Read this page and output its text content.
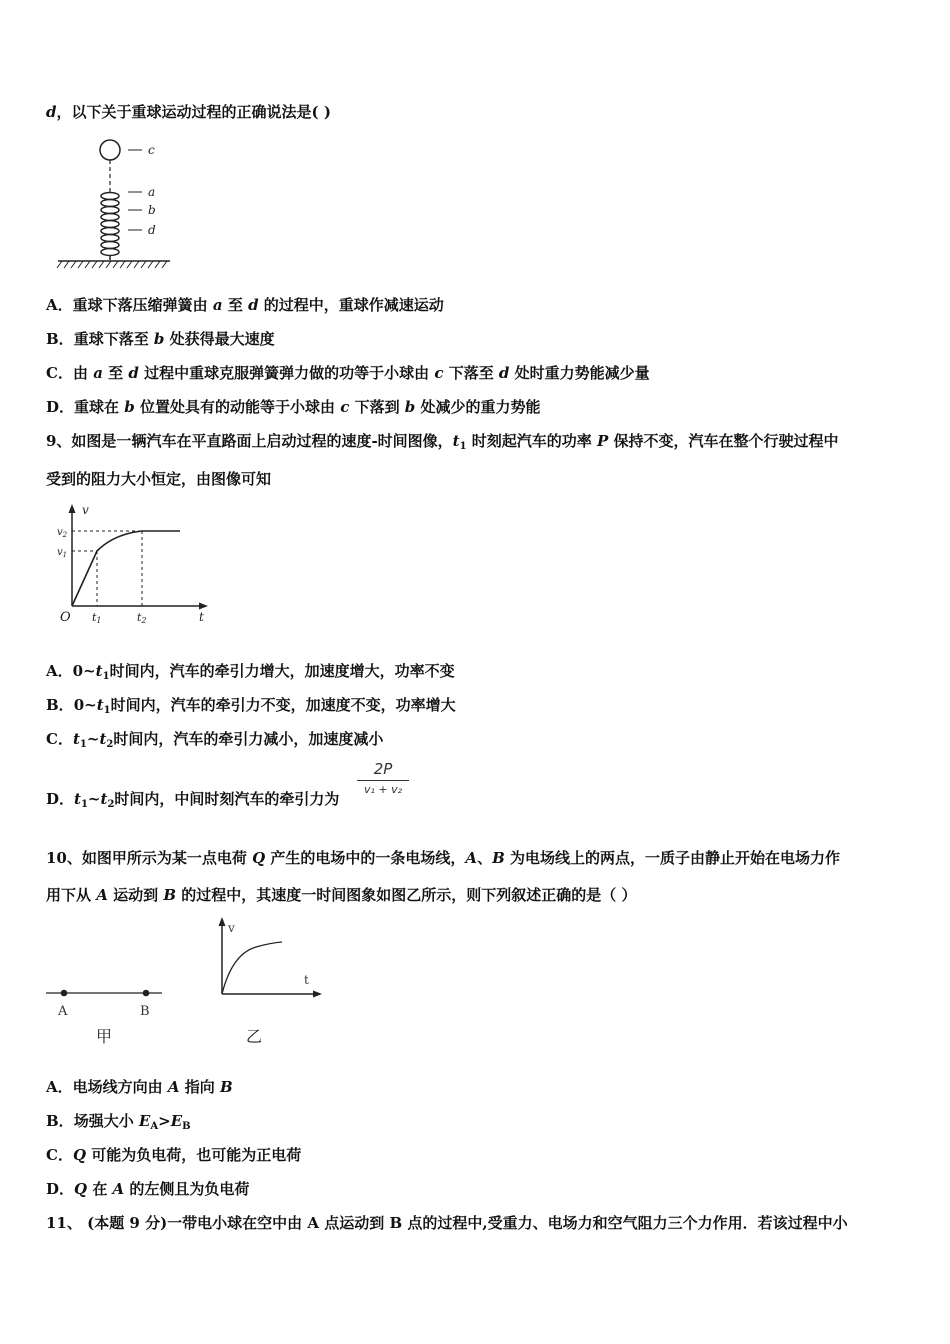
d，以下关于重球运动过程的正确说法是( )
c
a
b
d
A．重球下落压缩弹簧由 a 至 d 的过程中，重球作减速运动
B．重球下落至 b 处获得最大速度
C．由 a 至 d 过程中重球克服弹簧弹力做的功等于小球由 c 下落至 d 处时重力势能减少量
D．重球在 b 位置处具有的动能等于小球由 c 下落到 b 处减少的重力势能
9、如图是一辆汽车在平直路面上启动过程的速度-时间图像，$t_1$ 时刻起汽车的功率 P 保持不变，汽车在整个行驶过程中
受到的阻力大小恒定，由图像可知
v
$v_2$
$v_1$
O t1	t2	t
A．$0\sim t_1$时间内，汽车的牵引力增大，加速度增大，功率不变
B．$0\sim t_1$时间内，汽车的牵引力不变，加速度不变，功率增大
C．$t_1\sim t_2$时间内，汽车的牵引力减小，加速度减小
D．$t_1\sim t_2$时间内，中间时刻汽车的牵引力为
2P
v₁ + v₂
10、如图甲所示为某一点电荷 Q 产生的电场中的一条电场线，A、B 为电场线上的两点，一质子由静止开始在电场力作
用下从 A 运动到 B 的过程中，其速度一时间图象如图乙所示，则下列叙述正确的是（ ）
A	B
甲
v
t
乙
A．电场线方向由 A 指向 B
B．场强大小 $E_A>E_B$
C．Q 可能为负电荷，也可能为正电荷
D．Q 在 A 的左侧且为负电荷
11、 (本题 9 分)一带电小球在空中由 A 点运动到 B 点的过程中,受重力、电场力和空气阻力三个力作用．若该过程中小
